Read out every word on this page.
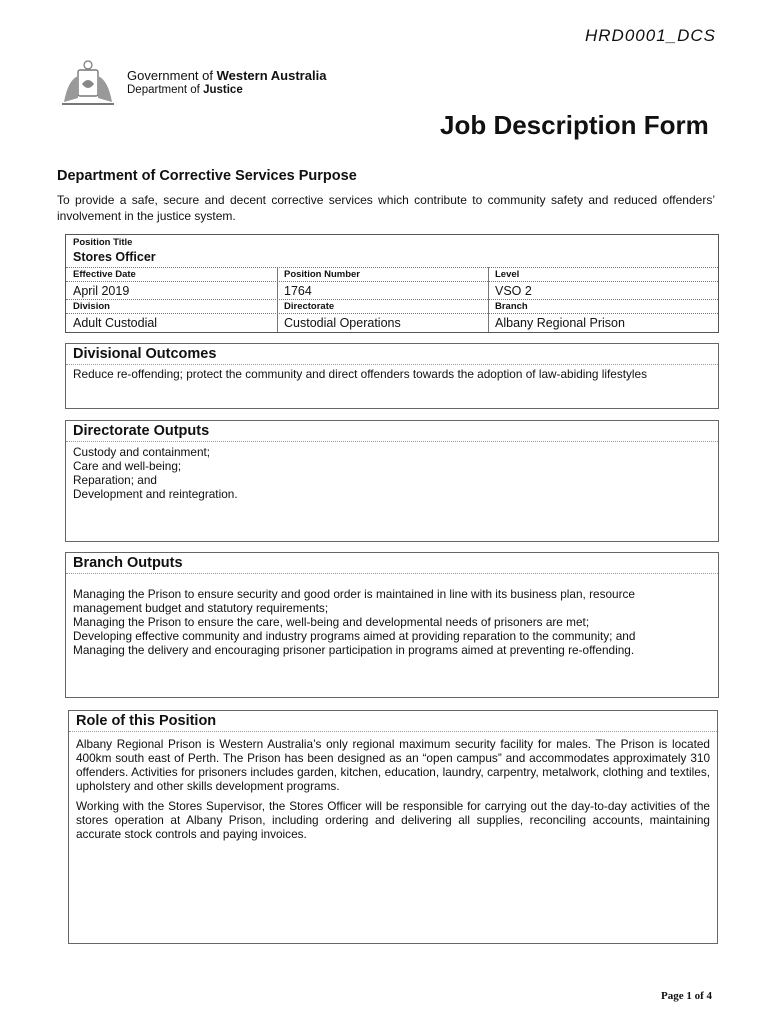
HRD0001_DCS
Government of Western Australia
Department of Justice
Job Description Form
Department of Corrective Services Purpose
To provide a safe, secure and decent corrective services which contribute to community safety and reduced offenders’ involvement in the justice system.
Position Title
Stores Officer
Effective Date	Position Number	Level
April 2019	1764	VSO 2
Division	Directorate	Branch
Adult Custodial	Custodial Operations	Albany Regional Prison
Divisional Outcomes
Reduce re-offending; protect the community and direct offenders towards the adoption of law-abiding lifestyles
Directorate Outputs
Custody and containment;
Care and well-being;
Reparation; and
Development and reintegration.
Branch Outputs
Managing the Prison to ensure security and good order is maintained in line with its business plan, resource
management budget and statutory requirements;
Managing the Prison to ensure the care, well-being and developmental needs of prisoners are met;
Developing effective community and industry programs aimed at providing reparation to the community; and
Managing the delivery and encouraging prisoner participation in programs aimed at preventing re-offending.
Role of this Position

Albany Regional Prison is Western Australia’s only regional maximum security facility for males. The Prison is located 400km south east of Perth. The Prison has been designed as an “open campus” and accommodates approximately 310 offenders. Activities for prisoners includes garden, kitchen, education, laundry, carpentry, metalwork, clothing and textiles, upholstery and other skills development programs.

Working with the Stores Supervisor, the Stores Officer will be responsible for carrying out the day-to-day activities of the stores operation at Albany Prison, including ordering and delivering all supplies, reconciling accounts, maintaining accurate stock controls and paying invoices.

Page 1 of 4
